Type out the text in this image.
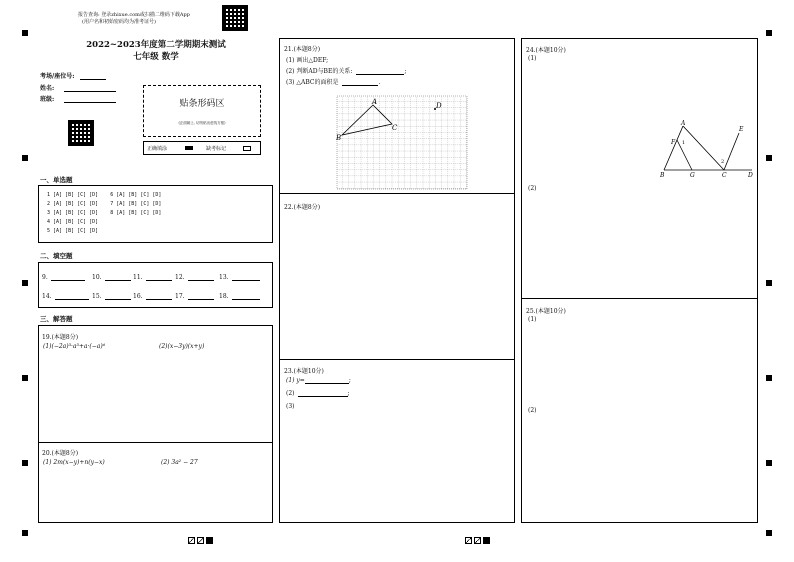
报告查询: 登录zhixue.com或扫描二维码下载App
(用户名和初始密码均为准考证号)
2022~2023年度第二学期期末测试
七年级 数学
考场/座位号:
姓名:
班级:	贴条形码区
(正面朝上, 切勿贴出虚线方框)
正确填涂	缺考标记
一、单选题
1 [A] [B] [C] [D]    6 [A] [B] [C] [D]
2 [A] [B] [C] [D]    7 [A] [B] [C] [D]
3 [A] [B] [C] [D]    8 [A] [B] [C] [D]
4 [A] [B] [C] [D]
5 [A] [B] [C] [D]
二、填空题
9.	10.	11.	12.	13.
14.	15.	16.	17.	18.
三、解答题
19.(本题8分)
(1)(−2a)³·a³+a·(−a)⁶	(2)(x−3y)(x+y)
20.(本题8分)
(1) 2m(x−y)+n(y−x)	(2) 3a² − 27
21.(本题8分)
(1) 画出△DEF;
(2) 判断AD与BE的关系:	;
(3) △ABC的面积是	.
A
B
C
D
22.(本题8分)
23.(本题10分)
(1) y=	;
(2)	;
(3)
24.(本题10分)
(1)
(2)
A
B	G	C	D
E
F 1
2
25.(本题10分)
(1)
(2)
